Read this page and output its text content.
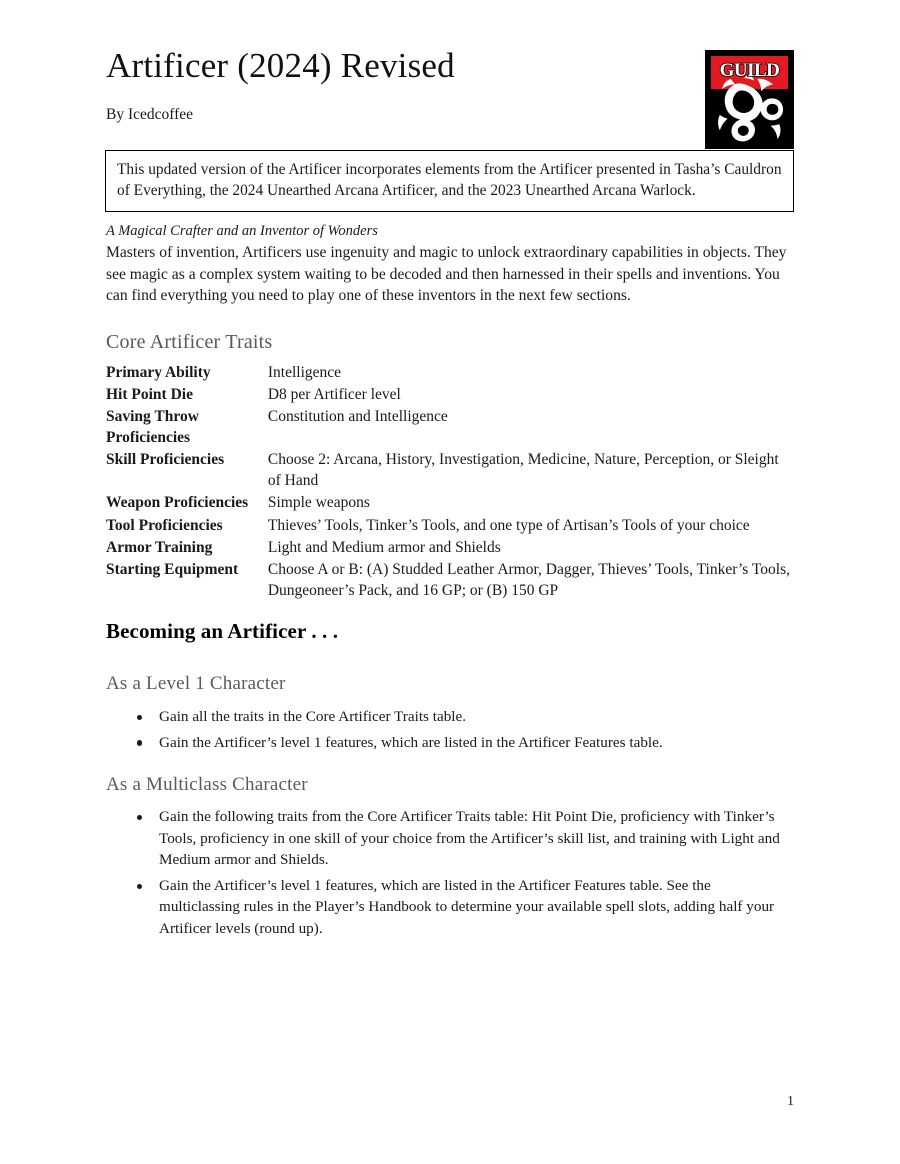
Artificer (2024) Revised
By Icedcoffee
GUILD

This updated version of the Artificer incorporates elements from the Artificer presented in Tasha’s Cauldron of Everything, the 2024 Unearthed Arcana Artificer, and the 2023 Unearthed Arcana Warlock.

A Magical Crafter and an Inventor of Wonders

Masters of invention, Artificers use ingenuity and magic to unlock extraordinary capabilities in objects. They see magic as a complex system waiting to be decoded and then harnessed in their spells and inventions. You can find everything you need to play one of these inventors in the next few sections.

Core Artificer Traits
Primary Ability	Intelligence
Hit Point Die	D8 per Artificer level
Saving Throw Proficiencies	Constitution and Intelligence
Skill Proficiencies	Choose 2: Arcana, History, Investigation, Medicine, Nature, Perception, or Sleight of Hand
Weapon Proficiencies	Simple weapons
Tool Proficiencies	Thieves’ Tools, Tinker’s Tools, and one type of Artisan’s Tools of your choice
Armor Training	Light and Medium armor and Shields
Starting Equipment	Choose A or B: (A) Studded Leather Armor, Dagger, Thieves’ Tools, Tinker’s Tools, Dungeoneer’s Pack, and 16 GP; or (B) 150 GP
Becoming an Artificer . . .
As a Level 1 Character
Gain all the traits in the Core Artificer Traits table.
Gain the Artificer’s level 1 features, which are listed in the Artificer Features table.
As a Multiclass Character
Gain the following traits from the Core Artificer Traits table: Hit Point Die, proficiency with Tinker’s Tools, proficiency in one skill of your choice from the Artificer’s skill list, and training with Light and Medium armor and Shields.
Gain the Artificer’s level 1 features, which are listed in the Artificer Features table. See the multiclassing rules in the Player’s Handbook to determine your available spell slots, adding half your Artificer levels (round up).
1
